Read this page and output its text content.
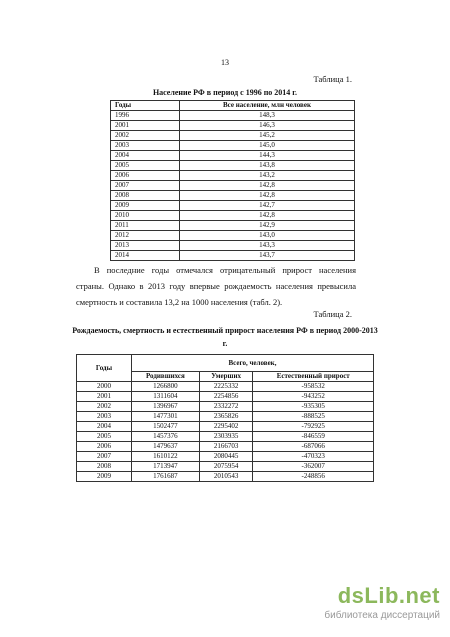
13
Таблица 1.
Население РФ в период с 1996 по 2014 г.
Годы	Все население, млн человек
1996	148,3
2001	146,3
2002	145,2
2003	145,0
2004	144,3
2005	143,8
2006	143,2
2007	142,8
2008	142,8
2009	142,7
2010	142,8
2011	142,9
2012	143,0
2013	143,3
2014	143,7
В последние годы отмечался отрицательный прирост населения страны. Однако в 2013 году впервые рождаемость населения превысила смертность и составила 13,2 на 1000 населения (табл. 2).
Таблица 2.
Рождаемость, смертность и естественный прирост населения РФ в период 2000-2013 г.
Годы	Всего, человек,		
	Родившихся	Умерших	Естественный прирост
2000	1266800	2225332	-958532
2001	1311604	2254856	-943252
2002	1396967	2332272	-935305
2003	1477301	2365826	-888525
2004	1502477	2295402	-792925
2005	1457376	2303935	-846559
2006	1479637	2166703	-687066
2007	1610122	2080445	-470323
2008	1713947	2075954	-362007
2009	1761687	2010543	-248856
dsLib.net
библиотека диссертаций
